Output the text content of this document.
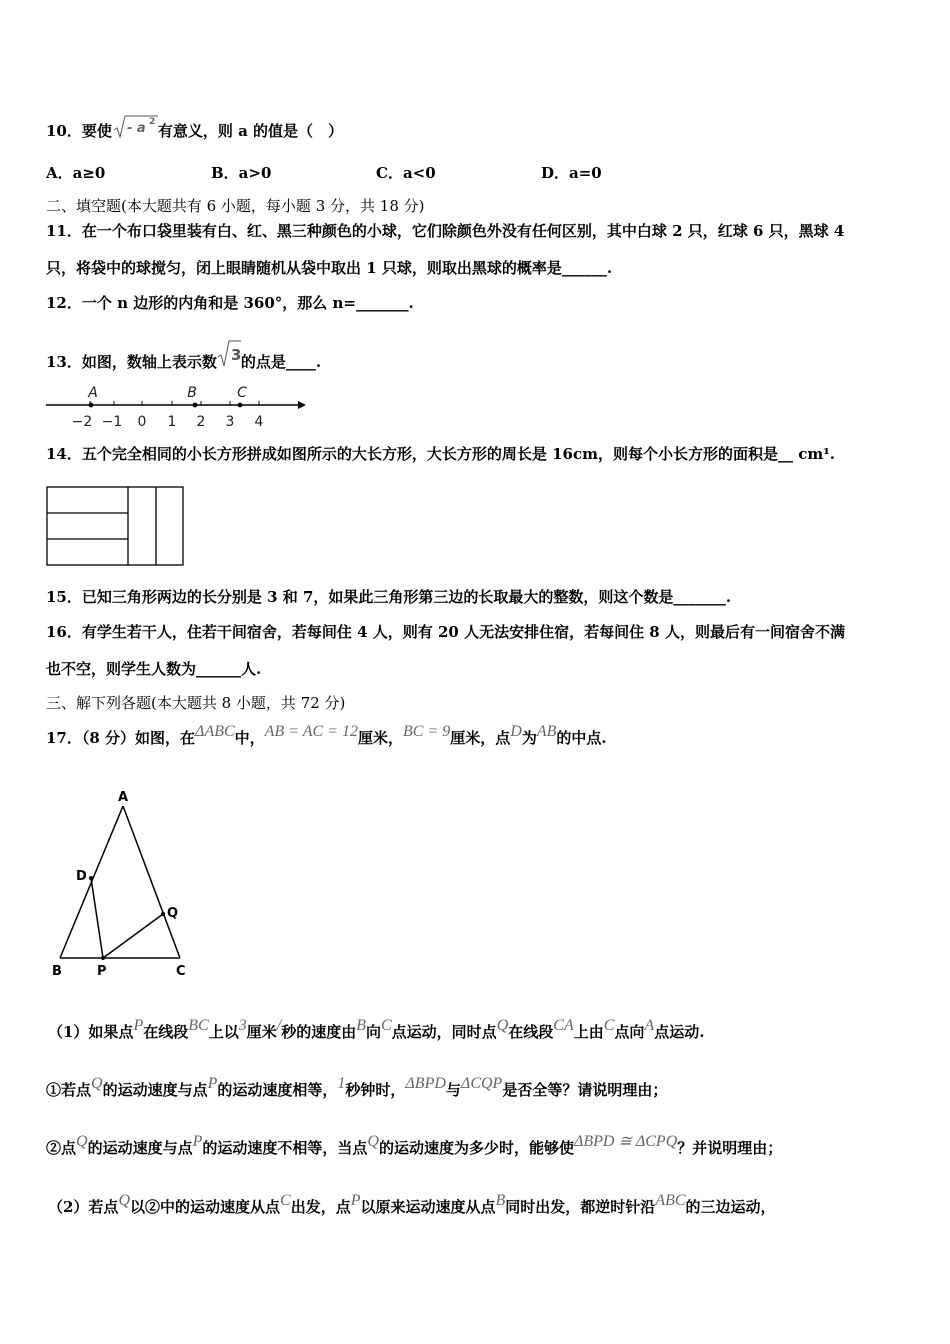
10．要使 - a 2 有意义，则 a 的值是（　）
A．a≥0	B．a>0	C．a<0	D．a=0
二、填空题(本大题共有 6 小题，每小题 3 分，共 18 分)
11．在一个布口袋里装有白、红、黑三种颜色的小球，它们除颜色外没有任何区别，其中白球 2 只，红球 6 只，黑球 4
只，将袋中的球搅匀，闭上眼睛随机从袋中取出 1 只球，则取出黑球的概率是______.
12．一个 n 边形的内角和是 360°，那么 n=_______.
13．如图，数轴上表示数 3 的点是____.
−2 −1 0 1 2 3 4
A	B	C
14．五个完全相同的小长方形拼成如图所示的大长方形，大长方形的周长是 16cm，则每个小长方形的面积是__ cm¹.
15．已知三角形两边的长分别是 3 和 7，如果此三角形第三边的长取最大的整数，则这个数是_______.
16．有学生若干人，住若干间宿舍，若每间住 4 人，则有 20 人无法安排住宿，若每间住 8 人，则最后有一间宿舍不满
也不空，则学生人数为______人.
三、解下列各题(本大题共 8 小题，共 72 分)
17．（8 分）如图，在ΔABC中，AB = AC = 12厘米，BC = 9厘米，点D为AB的中点.
A
D
Q
B	P	C
（1）如果点P在线段BC上以3厘米/秒的速度由B向C点运动，同时点Q在线段CA上由C点向A点运动.
①若点Q的运动速度与点P的运动速度相等，1秒钟时，ΔBPD与ΔCQP是否全等？请说明理由；
②点Q的运动速度与点P的运动速度不相等，当点Q的运动速度为多少时，能够使ΔBPD ≅ ΔCPQ？并说明理由；
（2）若点Q以②中的运动速度从点C出发，点P以原来运动速度从点B同时出发，都逆时针沿ABC的三边运动，
